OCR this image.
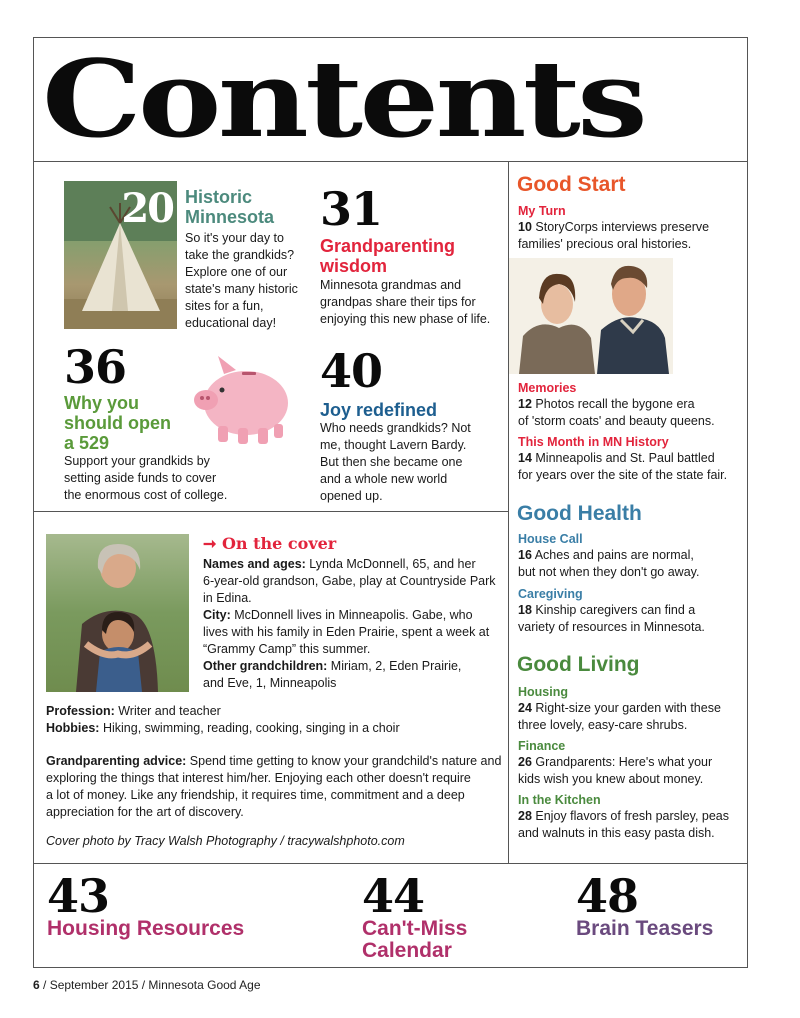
Contents
20 Historic
Minnesota
So it's your day to
take the grandkids?
Explore one of our
state's many historic
sites for a fun,
educational day!
31
Grandparenting
wisdom
Minnesota grandmas and
grandpas share their tips for
enjoying this new phase of life.
36
Why you
should open
a 529
Support your grandkids by
setting aside funds to cover
the enormous cost of college.
40
Joy redefined
Who needs grandkids? Not
me, thought Lavern Bardy.
But then she became one
and a whole new world
opened up.
Good Start
My Turn
10 StoryCorps interviews preserve
families' precious oral histories.
Memories
12 Photos recall the bygone era
of 'storm coats' and beauty queens.
This Month in MN History
14 Minneapolis and St. Paul battled
for years over the site of the state fair.
Good Health
House Call
16 Aches and pains are normal,
but not when they don't go away.
Caregiving
18 Kinship caregivers can find a
variety of resources in Minnesota.
Good Living
Housing
24 Right-size your garden with these
three lovely, easy-care shrubs.
Finance
26 Grandparents: Here's what your
kids wish you knew about money.
In the Kitchen
28 Enjoy flavors of fresh parsley, peas
and walnuts in this easy pasta dish.
➞ On the cover
Names and ages: Lynda McDonnell, 65, and her
6-year-old grandson, Gabe, play at Countryside Park
in Edina.
City: McDonnell lives in Minneapolis. Gabe, who
lives with his family in Eden Prairie, spent a week at
“Grammy Camp” this summer.
Other grandchildren: Miriam, 2, Eden Prairie,
and Eve, 1, Minneapolis
Profession: Writer and teacher
Hobbies: Hiking, swimming, reading, cooking, singing in a choir
Grandparenting advice: Spend time getting to know your grandchild's nature and
exploring the things that interest him/her. Enjoying each other doesn't require
a lot of money. Like any friendship, it requires time, commitment and a deep
appreciation for the art of discovery.
Cover photo by Tracy Walsh Photography / tracywalshphoto.com
43
Housing Resources
44
Can't-Miss
Calendar
48
Brain Teasers
6 / September 2015 / Minnesota Good Age
